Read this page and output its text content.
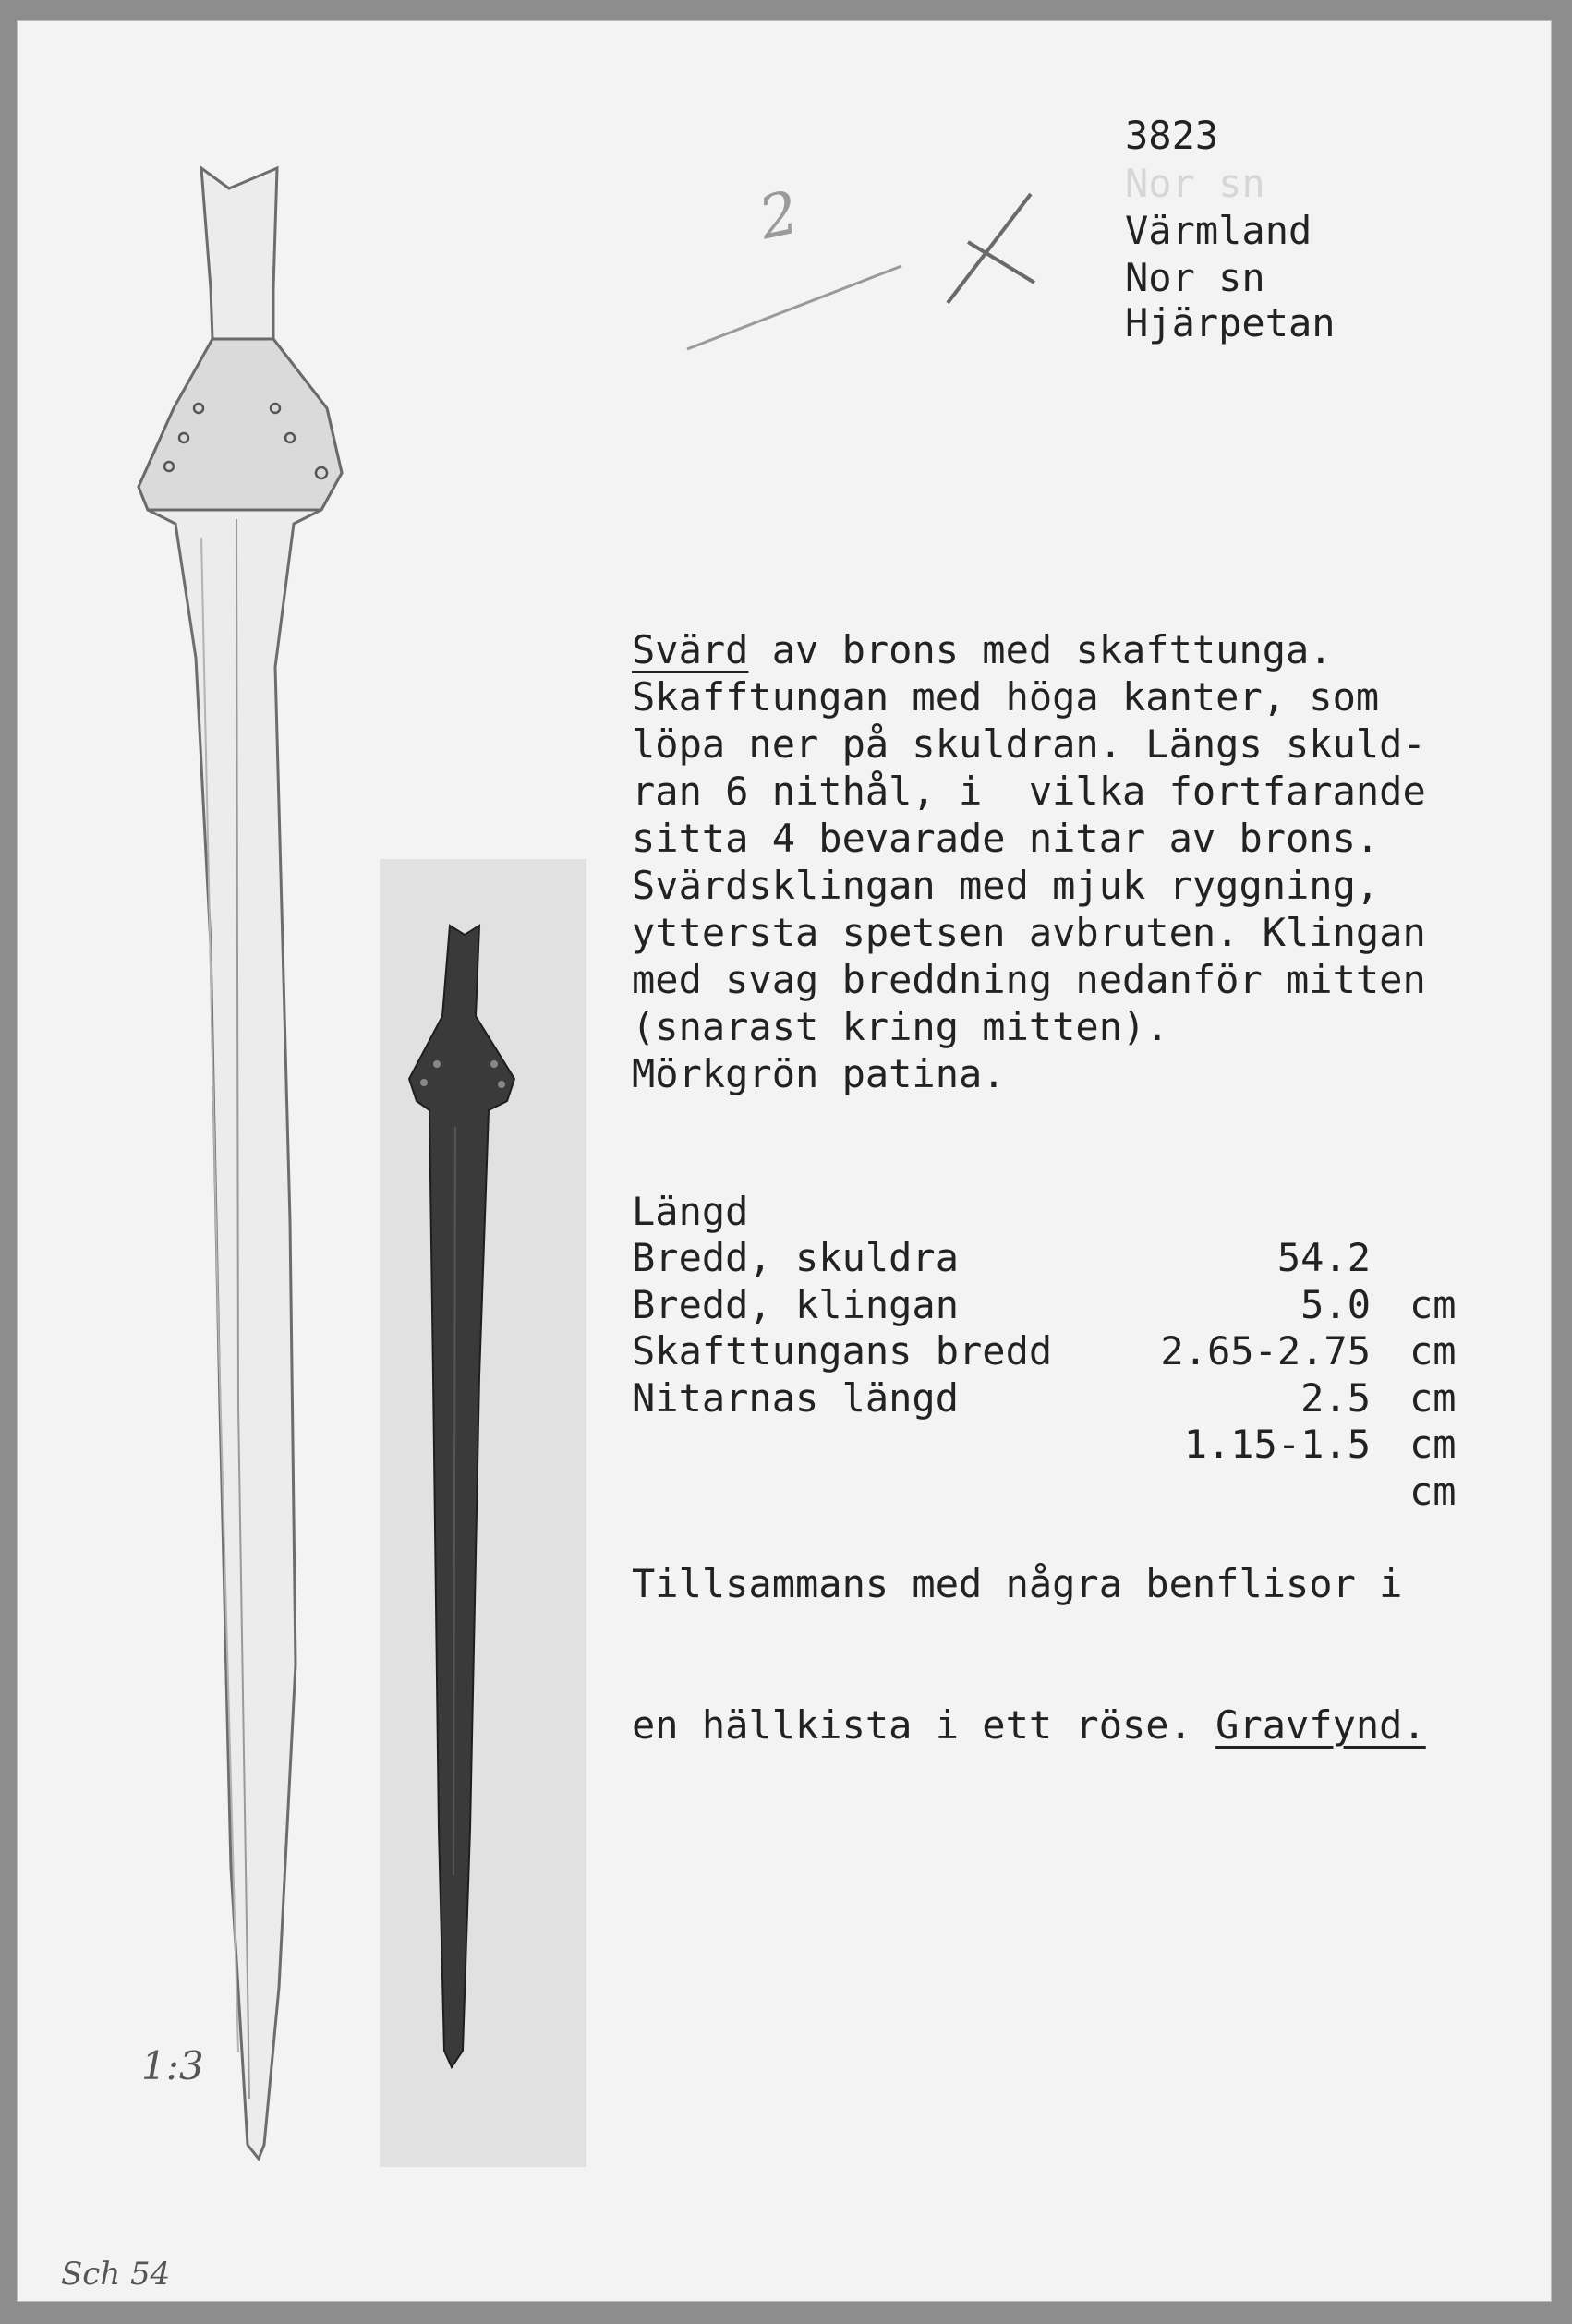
3823
Nor sn
Värmland
Nor sn
Hjärpetan
2
Svärd av brons med skafttunga.
Skafftungan med höga kanter, som
löpa ner på skuldran. Längs skuld-
ran 6 nithål, i  vilka fortfarande
sitta 4 bevarade nitar av brons.
Svärdsklingan med mjuk ryggning,
yttersta spetsen avbruten. Klingan
med svag breddning nedanför mitten
(snarast kring mitten).
Mörkgrön patina.

Längd

54.2

cm

Bredd, skuldra

5.0

cm

Bredd, klingan

2.65-2.75

cm

Skafttungans bredd

2.5

cm

Nitarnas längd

1.15-1.5

cm

Tillsammans med några benflisor i

en hällkista i ett röse. Gravfynd.

1:3
Sch 54
